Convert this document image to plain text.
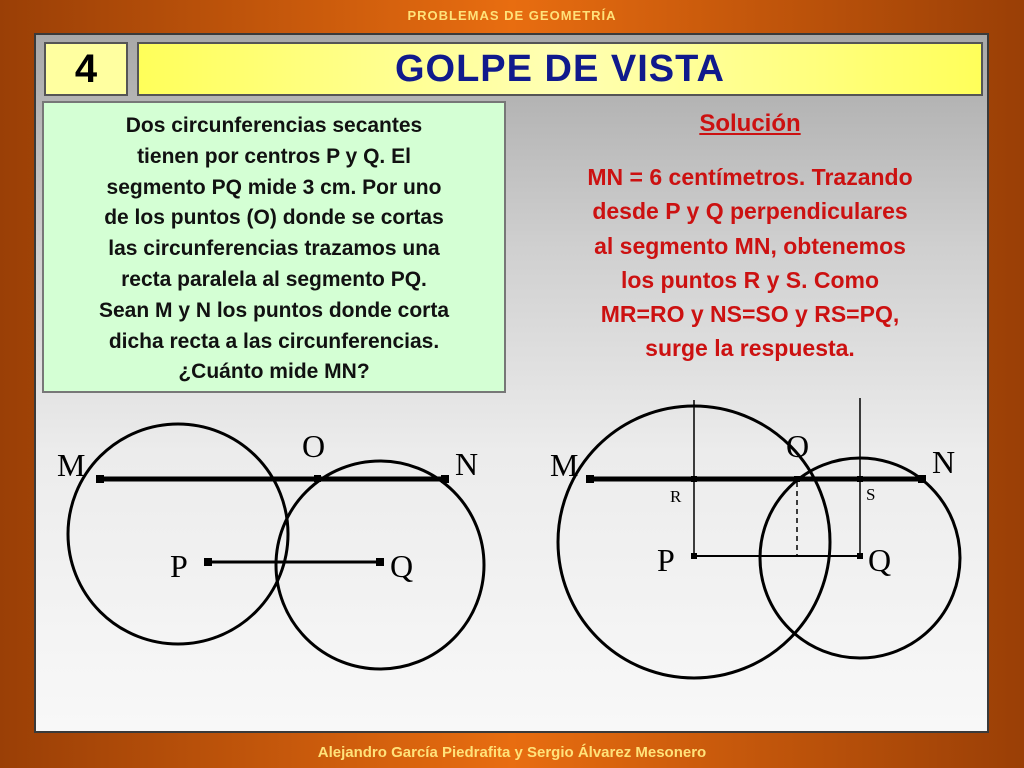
PROBLEMAS DE GEOMETRÍA
4	GOLPE DE VISTA
Dos circunferencias secantes
tienen por centros P y Q. El
segmento PQ mide 3 cm. Por uno
de los puntos (O) donde se cortas
las circunferencias trazamos una
recta paralela al segmento PQ.
Sean M y N los puntos donde corta
dicha recta a las circunferencias.
¿Cuánto mide MN?
Solución
MN = 6 centímetros. Trazando
desde P y Q perpendiculares
al segmento MN, obtenemos
los puntos R y S. Como
MR=RO y NS=SO y RS=PQ,
surge la respuesta.
M
O	N
P	Q
M
O	N
R	S
P	Q
Alejandro García Piedrafita y Sergio Álvarez Mesonero
